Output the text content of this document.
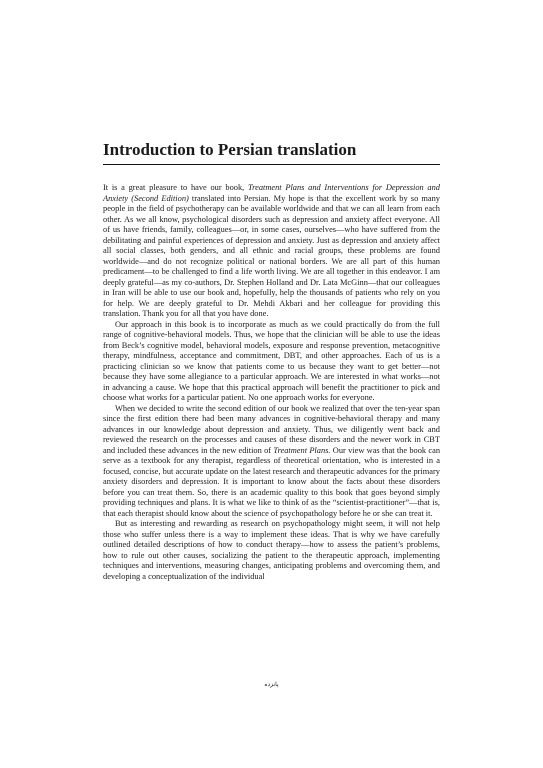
Introduction to Persian translation

It is a great pleasure to have our book, Treatment Plans and Interventions for Depression and Anxiety (Second Edition) translated into Persian. My hope is that the excellent work by so many people in the field of psychotherapy can be available worldwide and that we can all learn from each other. As we all know, psychological disorders such as depression and anxiety affect everyone. All of us have friends, family, colleagues—or, in some cases, ourselves—who have suffered from the debilitating and painful experiences of depression and anxiety. Just as depression and anxiety affect all social classes, both genders, and all ethnic and racial groups, these problems are found worldwide—and do not recognize political or national borders. We are all part of this human predicament—to be challenged to find a life worth living. We are all together in this endeavor. I am deeply grateful—as my co-authors, Dr. Stephen Holland and Dr. Lata McGinn—that our colleagues in Iran will be able to use our book and, hopefully, help the thousands of patients who rely on you for help. We are deeply grateful to Dr. Mehdi Akbari and her colleague for providing this translation. Thank you for all that you have done.

Our approach in this book is to incorporate as much as we could practically do from the full range of cognitive-behavioral models. Thus, we hope that the clinician will be able to use the ideas from Beck’s cognitive model, behavioral models, exposure and response prevention, metacognitive therapy, mindfulness, acceptance and commitment, DBT, and other approaches. Each of us is a practicing clinician so we know that patients come to us because they want to get better—not because they have some allegiance to a particular approach. We are interested in what works—not in advancing a cause. We hope that this practical approach will benefit the practitioner to pick and choose what works for a particular patient. No one approach works for everyone.

When we decided to write the second edition of our book we realized that over the ten-year span since the first edition there had been many advances in cognitive-behavioral therapy and many advances in our knowledge about depression and anxiety. Thus, we diligently went back and reviewed the research on the processes and causes of these disorders and the newer work in CBT and included these advances in the new edition of Treatment Plans. Our view was that the book can serve as a textbook for any therapist, regardless of theoretical orientation, who is interested in a focused, concise, but accurate update on the latest research and therapeutic advances for the primary anxiety disorders and depression. It is important to know about the facts about these disorders before you can treat them. So, there is an academic quality to this book that goes beyond simply providing techniques and plans. It is what we like to think of as the “scientist-practitioner”—that is, that each therapist should know about the science of psychopathology before he or she can treat it.

But as interesting and rewarding as research on psychopathology might seem, it will not help those who suffer unless there is a way to implement these ideas. That is why we have carefully outlined detailed descriptions of how to conduct therapy—how to assess the patient’s problems, how to rule out other causes, socializing the patient to the therapeutic approach, implementing techniques and interventions, measuring changes, anticipating problems and overcoming them, and developing a conceptualization of the individual

پانزده
